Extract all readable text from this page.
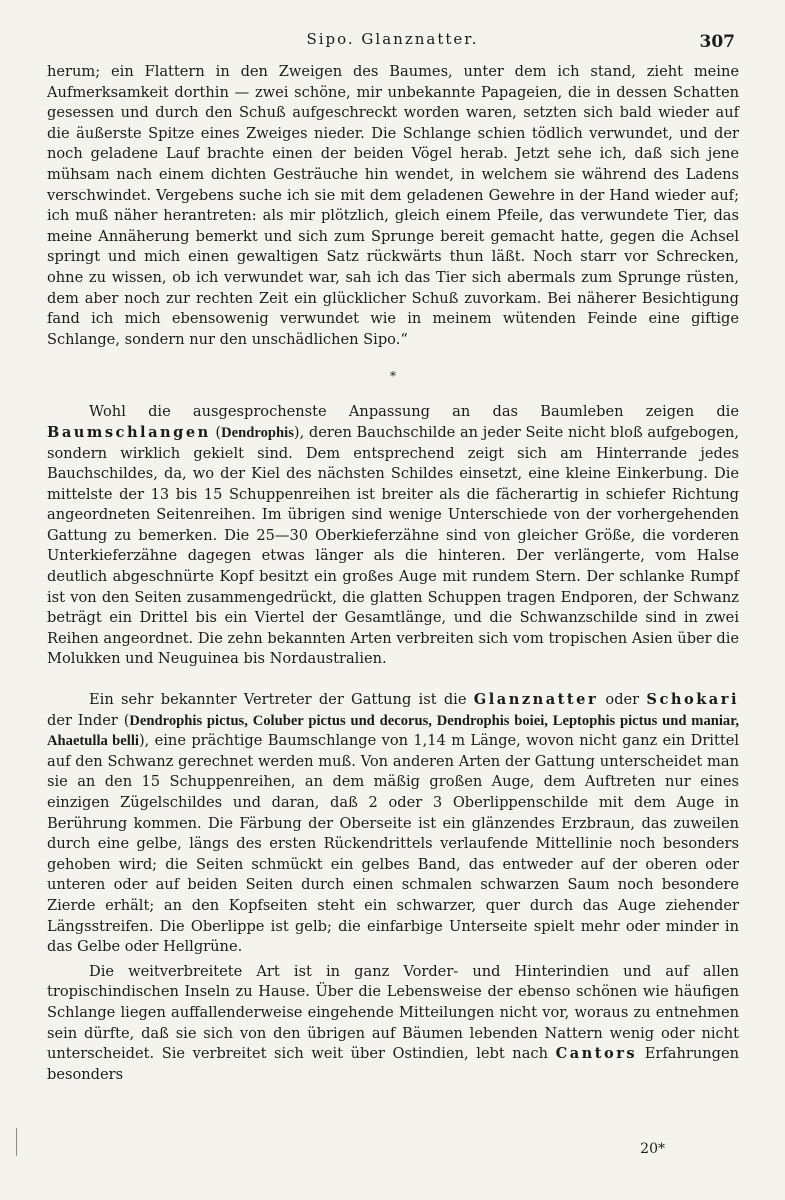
Sipo. Glanznatter.	307

herum; ein Flattern in den Zweigen des Baumes, unter dem ich stand, zieht meine Aufmerksamkeit dorthin — zwei schöne, mir unbekannte Papageien, die in dessen Schatten gesessen und durch den Schuß aufgeschreckt worden waren, setzten sich bald wieder auf die äußerste Spitze eines Zweiges nieder. Die Schlange schien tödlich verwundet, und der noch geladene Lauf brachte einen der beiden Vögel herab. Jetzt sehe ich, daß sich jene mühsam nach einem dichten Gesträuche hin wendet, in welchem sie während des Ladens verschwindet. Vergebens suche ich sie mit dem geladenen Gewehre in der Hand wieder auf; ich muß näher herantreten: als mir plötzlich, gleich einem Pfeile, das verwundete Tier, das meine Annäherung bemerkt und sich zum Sprunge bereit gemacht hatte, gegen die Achsel springt und mich einen gewaltigen Satz rückwärts thun läßt. Noch starr vor Schrecken, ohne zu wissen, ob ich verwundet war, sah ich das Tier sich abermals zum Sprunge rüsten, dem aber noch zur rechten Zeit ein glücklicher Schuß zuvorkam. Bei näherer Besichtigung fand ich mich ebensowenig verwundet wie in meinem wütenden Feinde eine giftige Schlange, sondern nur den unschädlichen Sipo.“

*

Wohl die ausgesprochenste Anpassung an das Baumleben zeigen die Baumschlangen (Dendrophis), deren Bauchschilde an jeder Seite nicht bloß aufgebogen, sondern wirklich gekielt sind. Dem entsprechend zeigt sich am Hinterrande jedes Bauchschildes, da, wo der Kiel des nächsten Schildes einsetzt, eine kleine Einkerbung. Die mittelste der 13 bis 15 Schuppenreihen ist breiter als die fächerartig in schiefer Richtung angeordneten Seitenreihen. Im übrigen sind wenige Unterschiede von der vorhergehenden Gattung zu bemerken. Die 25—30 Oberkieferzähne sind von gleicher Größe, die vorderen Unterkieferzähne dagegen etwas länger als die hinteren. Der verlängerte, vom Halse deutlich abgeschnürte Kopf besitzt ein großes Auge mit rundem Stern. Der schlanke Rumpf ist von den Seiten zusammengedrückt, die glatten Schuppen tragen Endporen, der Schwanz beträgt ein Drittel bis ein Viertel der Gesamtlänge, und die Schwanzschilde sind in zwei Reihen angeordnet. Die zehn bekannten Arten verbreiten sich vom tropischen Asien über die Molukken und Neuguinea bis Nordaustralien.

Ein sehr bekannter Vertreter der Gattung ist die Glanznatter oder Schokari der Inder (Dendrophis pictus, Coluber pictus und decorus, Dendrophis boiei, Leptophis pictus und maniar, Ahaetulla belli), eine prächtige Baumschlange von 1,14 m Länge, wovon nicht ganz ein Drittel auf den Schwanz gerechnet werden muß. Von anderen Arten der Gattung unterscheidet man sie an den 15 Schuppenreihen, an dem mäßig großen Auge, dem Auftreten nur eines einzigen Zügelschildes und daran, daß 2 oder 3 Oberlippenschilde mit dem Auge in Berührung kommen. Die Färbung der Oberseite ist ein glänzendes Erzbraun, das zuweilen durch eine gelbe, längs des ersten Rückendrittels verlaufende Mittellinie noch besonders gehoben wird; die Seiten schmückt ein gelbes Band, das entweder auf der oberen oder unteren oder auf beiden Seiten durch einen schmalen schwarzen Saum noch besondere Zierde erhält; an den Kopfseiten steht ein schwarzer, quer durch das Auge ziehender Längsstreifen. Die Oberlippe ist gelb; die einfarbige Unterseite spielt mehr oder minder in das Gelbe oder Hellgrüne.

Die weitverbreitete Art ist in ganz Vorder- und Hinterindien und auf allen tropischindischen Inseln zu Hause. Über die Lebensweise der ebenso schönen wie häufigen Schlange liegen auffallenderweise eingehende Mitteilungen nicht vor, woraus zu entnehmen sein dürfte, daß sie sich von den übrigen auf Bäumen lebenden Nattern wenig oder nicht unterscheidet. Sie verbreitet sich weit über Ostindien, lebt nach Cantors Erfahrungen besonders

20*
